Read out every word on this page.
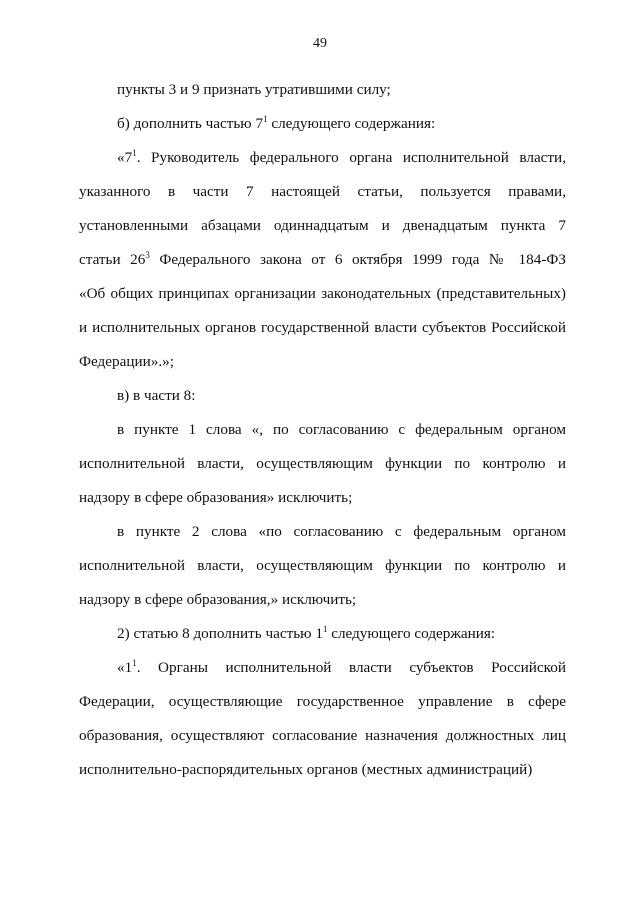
49

пункты 3 и 9 признать утратившими силу;

б) дополнить частью $7^1$ следующего содержания:

«$7^1$. Руководитель федерального органа исполнительной власти,
указанного в части 7 настоящей статьи, пользуется правами,
установленными абзацами одиннадцатым и двенадцатым пункта 7
статьи $26^3$ Федерального закона от 6 октября 1999 года № 184-ФЗ
«Об общих принципах организации законодательных (представительных)
и исполнительных органов государственной власти субъектов Российской
Федерации».»;

в) в части 8:

в пункте 1 слова «, по согласованию с федеральным органом
исполнительной власти, осуществляющим функции по контролю и
надзору в сфере образования» исключить;

в пункте 2 слова «по согласованию с федеральным органом
исполнительной власти, осуществляющим функции по контролю и
надзору в сфере образования,» исключить;

2) статью 8 дополнить частью $1^1$ следующего содержания:

«$1^1$. Органы исполнительной власти субъектов Российской
Федерации, осуществляющие государственное управление в сфере
образования, осуществляют согласование назначения должностных лиц
исполнительно-распорядительных органов (местных администраций)
